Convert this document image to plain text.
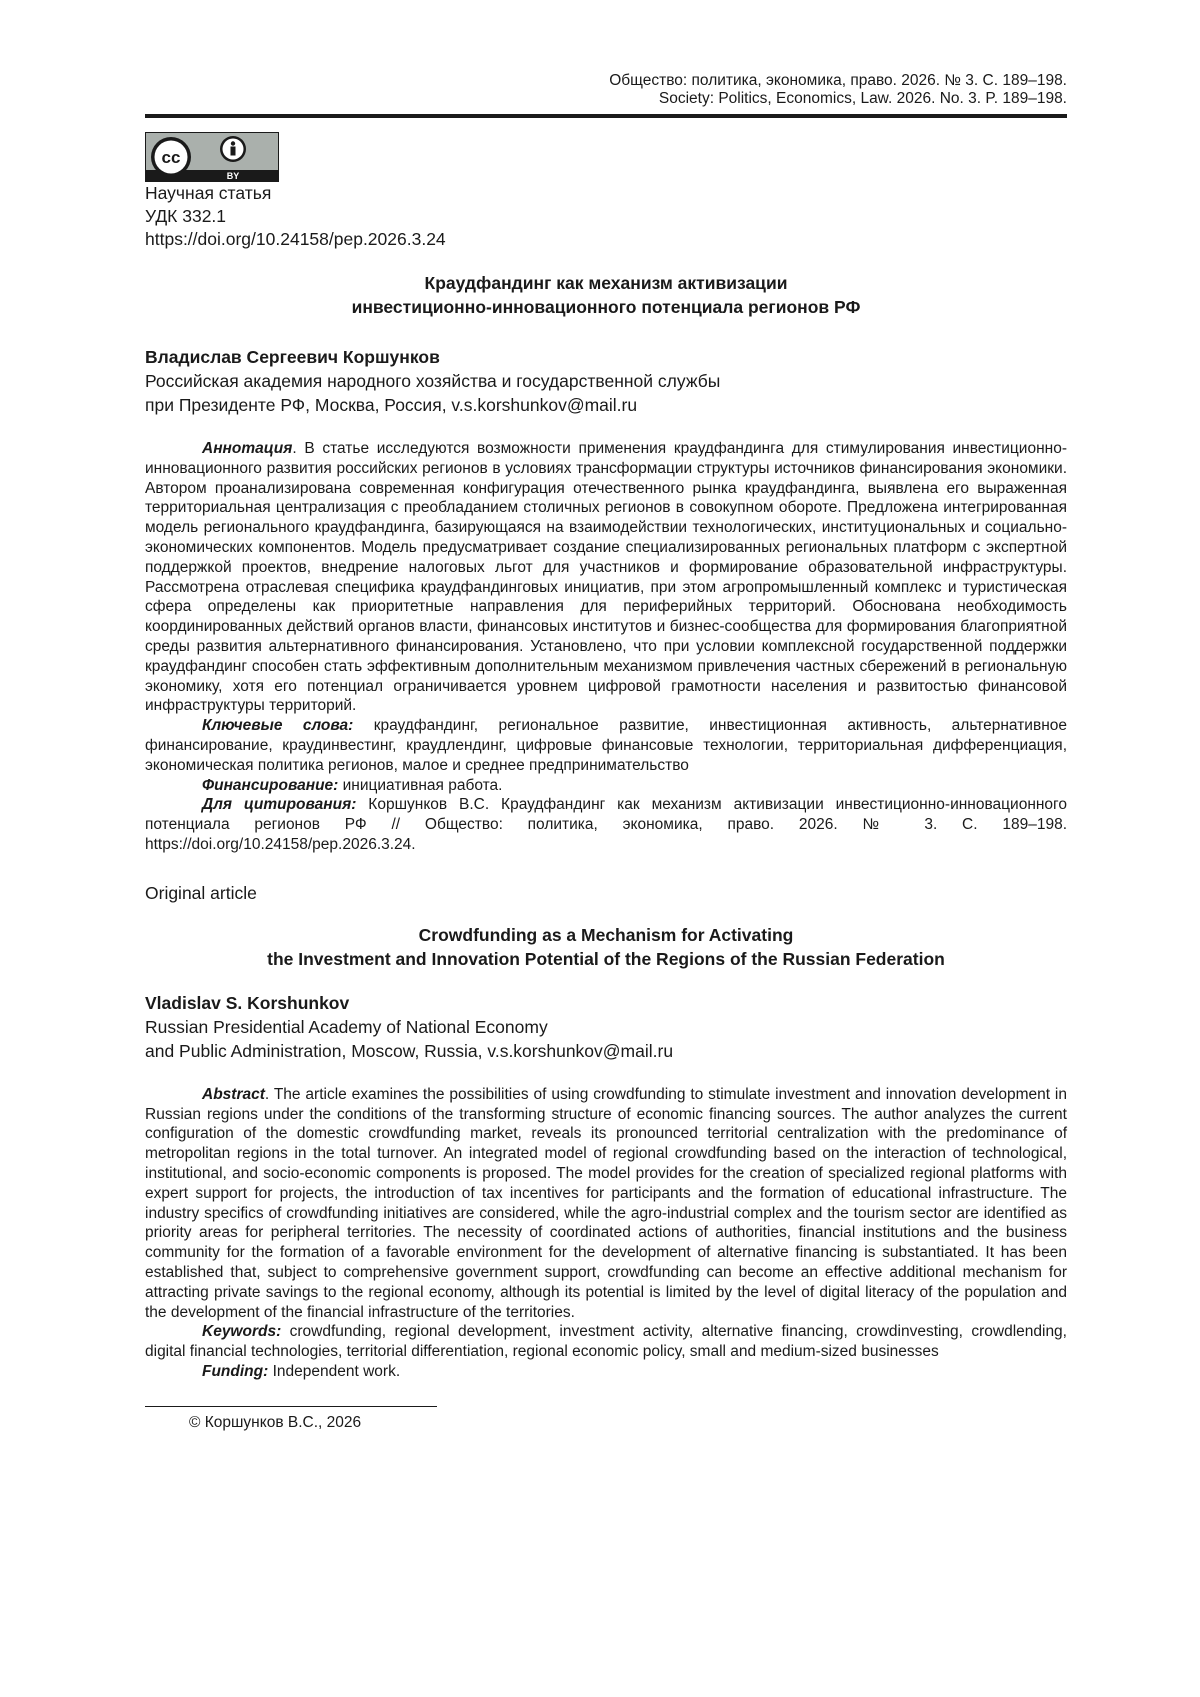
Общество: политика, экономика, право. 2026. № 3. С. 189–198.
Society: Politics, Economics, Law. 2026. No. 3. P. 189–198.
cc
BY
Научная статья
УДК 332.1
https://doi.org/10.24158/pep.2026.3.24
Краудфандинг как механизм активизации
инвестиционно-инновационного потенциала регионов РФ
Владислав Сергеевич Коршунков
Российская академия народного хозяйства и государственной службы
при Президенте РФ, Москва, Россия, v.s.korshunkov@mail.ru

Аннотация. В статье исследуются возможности применения краудфандинга для стимулирования инвестиционно-инновационного развития российских регионов в условиях трансформации структуры источников финансирования экономики. Автором проанализирована современная конфигурация отечественного рынка краудфандинга, выявлена его выраженная территориальная централизация с преобладанием столичных регионов в совокупном обороте. Предложена интегрированная модель регионального краудфандинга, базирующаяся на взаимодействии технологических, институциональных и социально-экономических компонентов. Модель предусматривает создание специализированных региональных платформ с экспертной поддержкой проектов, внедрение налоговых льгот для участников и формирование образовательной инфраструктуры. Рассмотрена отраслевая специфика краудфандинговых инициатив, при этом агропромышленный комплекс и туристическая сфера определены как приоритетные направления для периферийных территорий. Обоснована необходимость координированных действий органов власти, финансовых институтов и бизнес-сообщества для формирования благоприятной среды развития альтернативного финансирования. Установлено, что при условии комплексной государственной поддержки краудфандинг способен стать эффективным дополнительным механизмом привлечения частных сбережений в региональную экономику, хотя его потенциал ограничивается уровнем цифровой грамотности населения и развитостью финансовой инфраструктуры территорий.

Ключевые слова: краудфандинг, региональное развитие, инвестиционная активность, альтернативное финансирование, краудинвестинг, краудлендинг, цифровые финансовые технологии, территориальная дифференциация, экономическая политика регионов, малое и среднее предпринимательство

Финансирование: инициативная работа.

Для цитирования: Коршунков В.С. Краудфандинг как механизм активизации инвестиционно-инновационного потенциала регионов РФ // Общество: политика, экономика, право. 2026. № 3. С. 189–198. https://doi.org/10.24158/pep.2026.3.24.

Original article
Crowdfunding as a Mechanism for Activating
the Investment and Innovation Potential of the Regions of the Russian Federation
Vladislav S. Korshunkov
Russian Presidential Academy of National Economy
and Public Administration, Moscow, Russia, v.s.korshunkov@mail.ru

Abstract. The article examines the possibilities of using crowdfunding to stimulate investment and innovation development in Russian regions under the conditions of the transforming structure of economic financing sources. The author analyzes the current configuration of the domestic crowdfunding market, reveals its pronounced territorial centralization with the predominance of metropolitan regions in the total turnover. An integrated model of regional crowdfunding based on the interaction of technological, institutional, and socio-economic components is proposed. The model provides for the creation of specialized regional platforms with expert support for projects, the introduction of tax incentives for participants and the formation of educational infrastructure. The industry specifics of crowdfunding initiatives are considered, while the agro-industrial complex and the tourism sector are identified as priority areas for peripheral territories. The necessity of coordinated actions of authorities, financial institutions and the business community for the formation of a favorable environment for the development of alternative financing is substantiated. It has been established that, subject to comprehensive government support, crowdfunding can become an effective additional mechanism for attracting private savings to the regional economy, although its potential is limited by the level of digital literacy of the population and the development of the financial infrastructure of the territories.

Keywords: crowdfunding, regional development, investment activity, alternative financing, crowdinvesting, crowdlending, digital financial technologies, territorial differentiation, regional economic policy, small and medium-sized businesses

Funding: Independent work.

© Коршунков В.С., 2026
